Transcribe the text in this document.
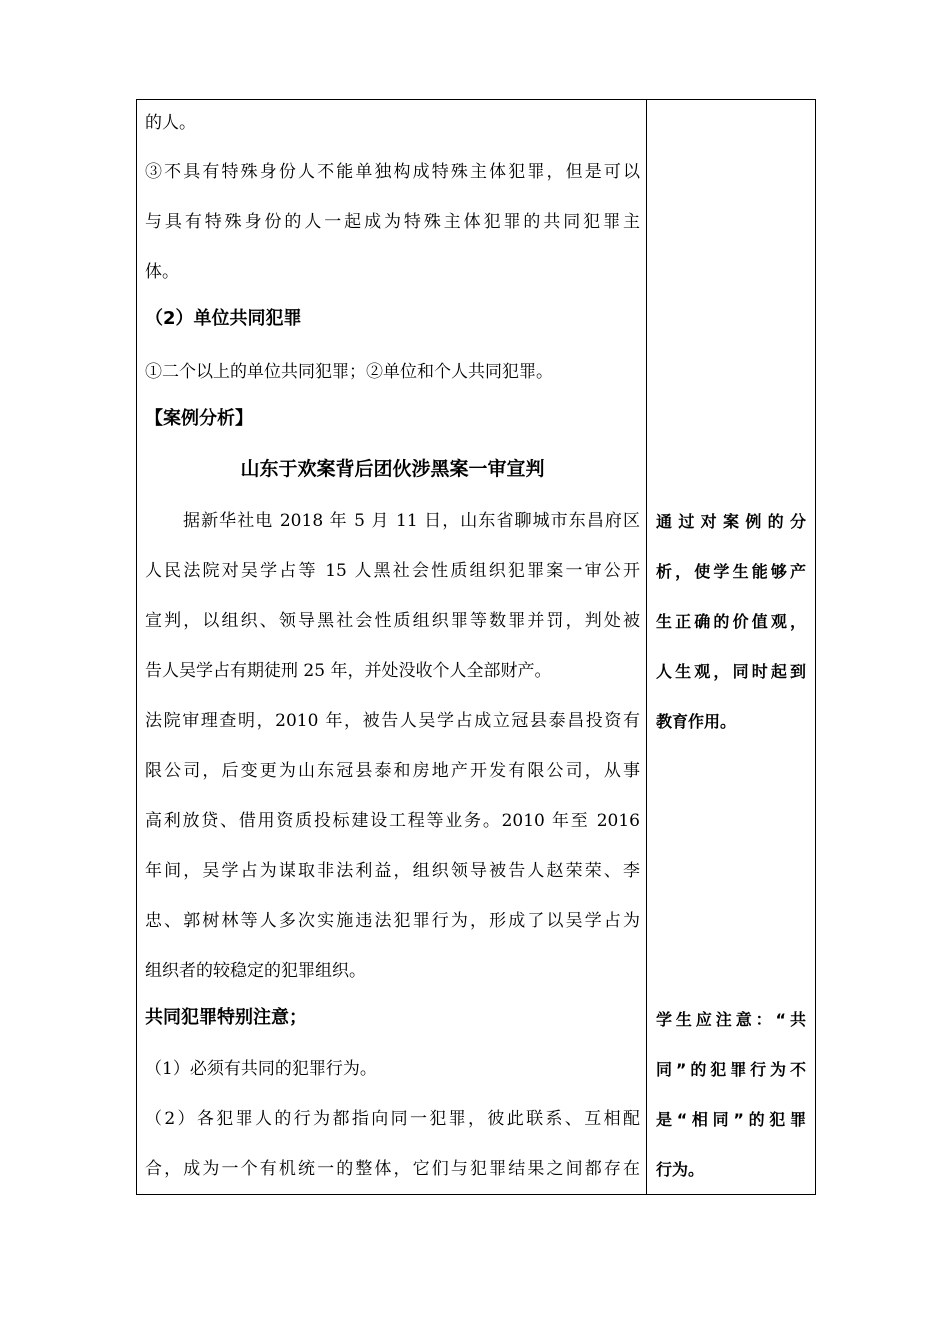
的人。
③不具有特殊身份人不能单独构成特殊主体犯罪，但是可以
与具有特殊身份的人一起成为特殊主体犯罪的共同犯罪主
体。
（2）单位共同犯罪
①二个以上的单位共同犯罪；②单位和个人共同犯罪。
【案例分析】
山东于欢案背后团伙涉黑案一审宣判
据新华社电 2018 年 5 月 11 日，山东省聊城市东昌府区
人民法院对吴学占等 15 人黑社会性质组织犯罪案一审公开
宣判，以组织、领导黑社会性质组织罪等数罪并罚，判处被
告人吴学占有期徒刑 25 年，并处没收个人全部财产。
法院审理查明，2010 年，被告人吴学占成立冠县泰昌投资有
限公司，后变更为山东冠县泰和房地产开发有限公司，从事
高利放贷、借用资质投标建设工程等业务。2010 年至 2016
年间，吴学占为谋取非法利益，组织领导被告人赵荣荣、李
忠、郭树林等人多次实施违法犯罪行为，形成了以吴学占为
组织者的较稳定的犯罪组织。
共同犯罪特别注意；
（1）必须有共同的犯罪行为。
（2）各犯罪人的行为都指向同一犯罪，彼此联系、互相配
合，成为一个有机统一的整体，它们与犯罪结果之间都存在
通过对案例的分
析，使学生能够产
生正确的价值观，
人生观，同时起到
教育作用。
学生应注意：“共
同”的犯罪行为不
是“相同”的犯罪
行为。
